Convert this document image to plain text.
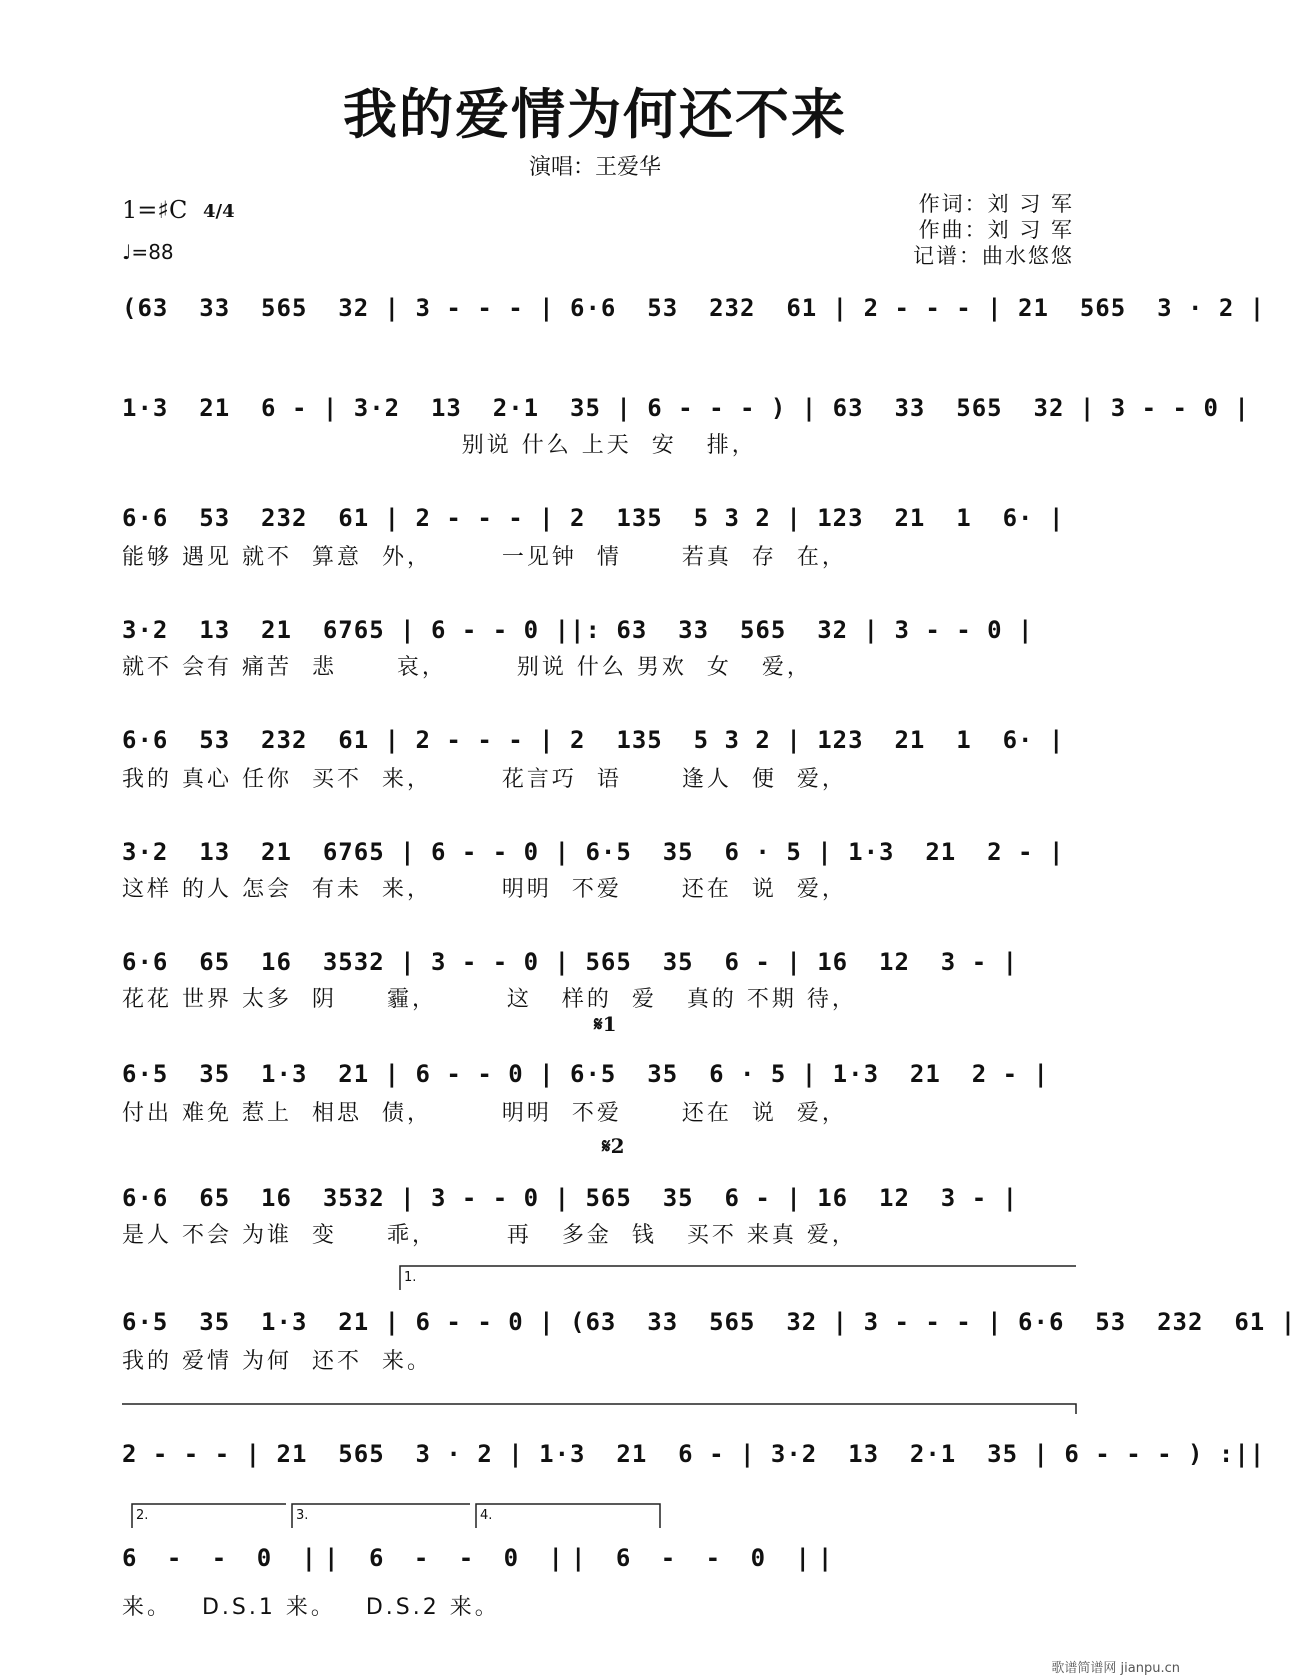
我的爱情为何还不来
演唱：王爱华
1=♯C 4/4
♩=88
作词：刘 习 军
作曲：刘 习 军
记谱：曲水悠悠
(63  33  565  32 | 3 - - - | 6·6  53  232  61 | 2 - - - | 21  565  3 · 2 |
1·3  21  6 - | 3·2  13  2·1  35 | 6 - - - ) | 63  33  565  32 | 3 - - 0 |
别说 什么 上天  安   排，
6·6  53  232  61 | 2 - - - | 2  135  5 3 2 | 123  21  1  6· |
能够 遇见 就不  算意  外，       一见钟  情      若真  存  在，
3·2  13  21  6765 | 6 - - 0 ||: 63  33  565  32 | 3 - - 0 |
就不 会有 痛苦  悲      哀，       别说 什么 男欢  女   爱，
6·6  53  232  61 | 2 - - - | 2  135  5 3 2 | 123  21  1  6· |
我的 真心 任你  买不  来，       花言巧  语      逢人  便  爱，
3·2  13  21  6765 | 6 - - 0 | 6·5  35  6 · 5 | 1·3  21  2 - |
这样 的人 怎会  有未  来，       明明  不爱      还在  说  爱，
6·6  65  16  3532 | 3 - - 0 | 565  35  6 - | 16  12  3 - |
花花 世界 太多  阴     霾，       这   样的  爱   真的 不期 待，
𝄋1
6·5  35  1·3  21 | 6 - - 0 | 6·5  35  6 · 5 | 1·3  21  2 - |
付出 难免 惹上  相思  债，       明明  不爱      还在  说  爱，
𝄋2
6·6  65  16  3532 | 3 - - 0 | 565  35  6 - | 16  12  3 - |
是人 不会 为谁  变     乖，       再   多金  钱   买不 来真 爱，
1.
6·5  35  1·3  21 | 6 - - 0 | (63  33  565  32 | 3 - - - | 6·6  53  232  61 |
我的 爱情 为何  还不  来。
2 - - - | 21  565  3 · 2 | 1·3  21  6 - | 3·2  13  2·1  35 | 6 - - - ) :||
2.	3.	4.
6 - - 0 || 6 - - 0 || 6 - - 0 ||
来。   D.S.1 来。   D.S.2 来。
歌谱简谱网 jianpu.cn
